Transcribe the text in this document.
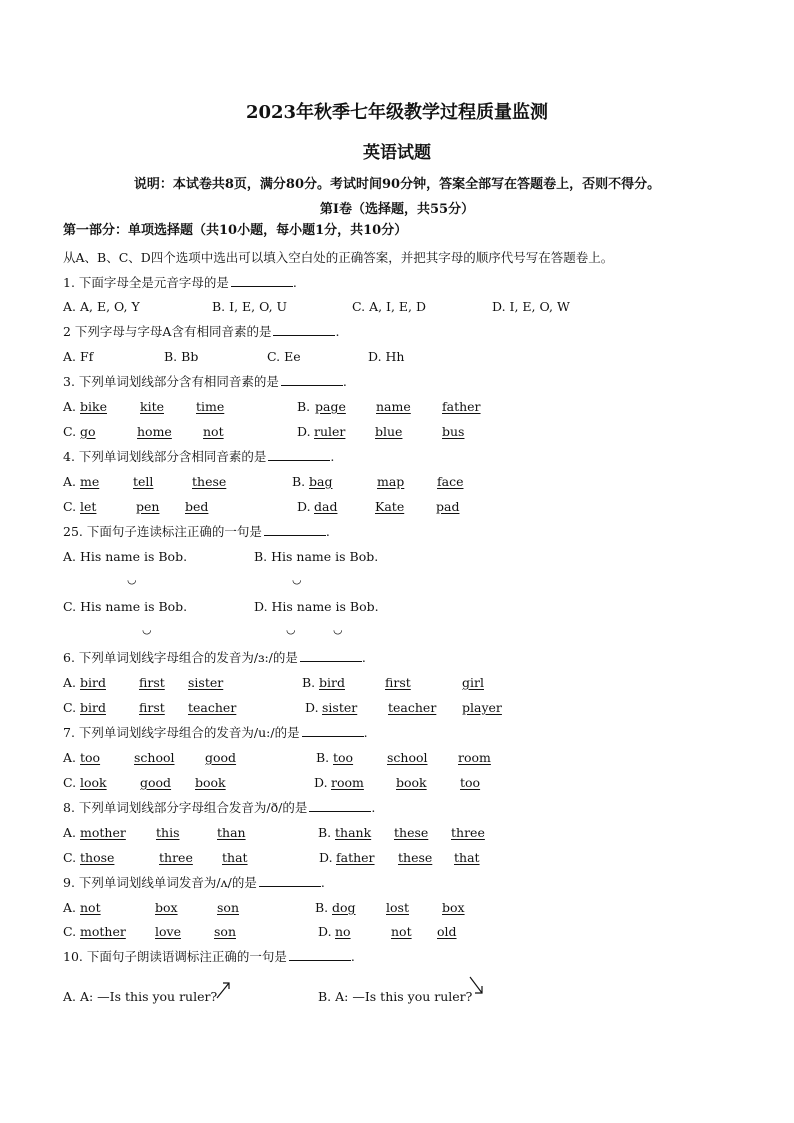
2023年秋季七年级教学过程质量监测
英语试题
说明：本试卷共8页，满分80分。考试时间90分钟，答案全部写在答题卷上，否则不得分。
第Ⅰ卷（选择题，共55分）
第一部分：单项选择题（共10小题，每小题1分，共10分）
从A、B、C、D四个选项中选出可以填入空白处的正确答案，并把其字母的顺序代号写在答题卷上。
1. 下面字母全是元音字母的是	.
A. A, E, O, Y	B. I, E, O, U	C. A, I, E, D	D. I, E, O, W
2 下列字母与字母A含有相同音素的是	.
A. Ff	B. Bb	C. Ee	D. Hh
3. 下列单词划线部分含有相同音素的是	.
A. bike	kite	time	B. page name father
C. go	home not	D. ruler blue	bus
4. 下列单词划线部分含相同音素的是	.
A. me	tell	these	B. bag	map	face
C. let	pen bed	D. dad	Kate	pad
25. 下面句子连读标注正确的一句是	.
A. His name is Bob.	B. His name is Bob.
◡	◡
C. His name is Bob.	D. His name is Bob.
◡	◡	◡
6. 下列单词划线字母组合的发音为/ɜ:/的是	.
A. bird	first sister	B. bird	first	girl
C. bird	first teacher	D. sister teacher player
7. 下列单词划线字母组合的发音为/u:/的是	.
A. too	school good	B. too	school room
C. look	good book	D. room	book	too
8. 下列单词划线部分字母组合发音为/ð/的是	.
A. mother this	than	B. thank these three
C. those	three that	D. father these that
9. 下列单词划线单词发音为/ʌ/的是	.
A. not	box	son	B. dog lost	box
C. mother love	son	D. no	not old
10. 下面句子朗读语调标注正确的一句是	.
A. A: —Is this you ruler?	B. A: —Is this you ruler?
